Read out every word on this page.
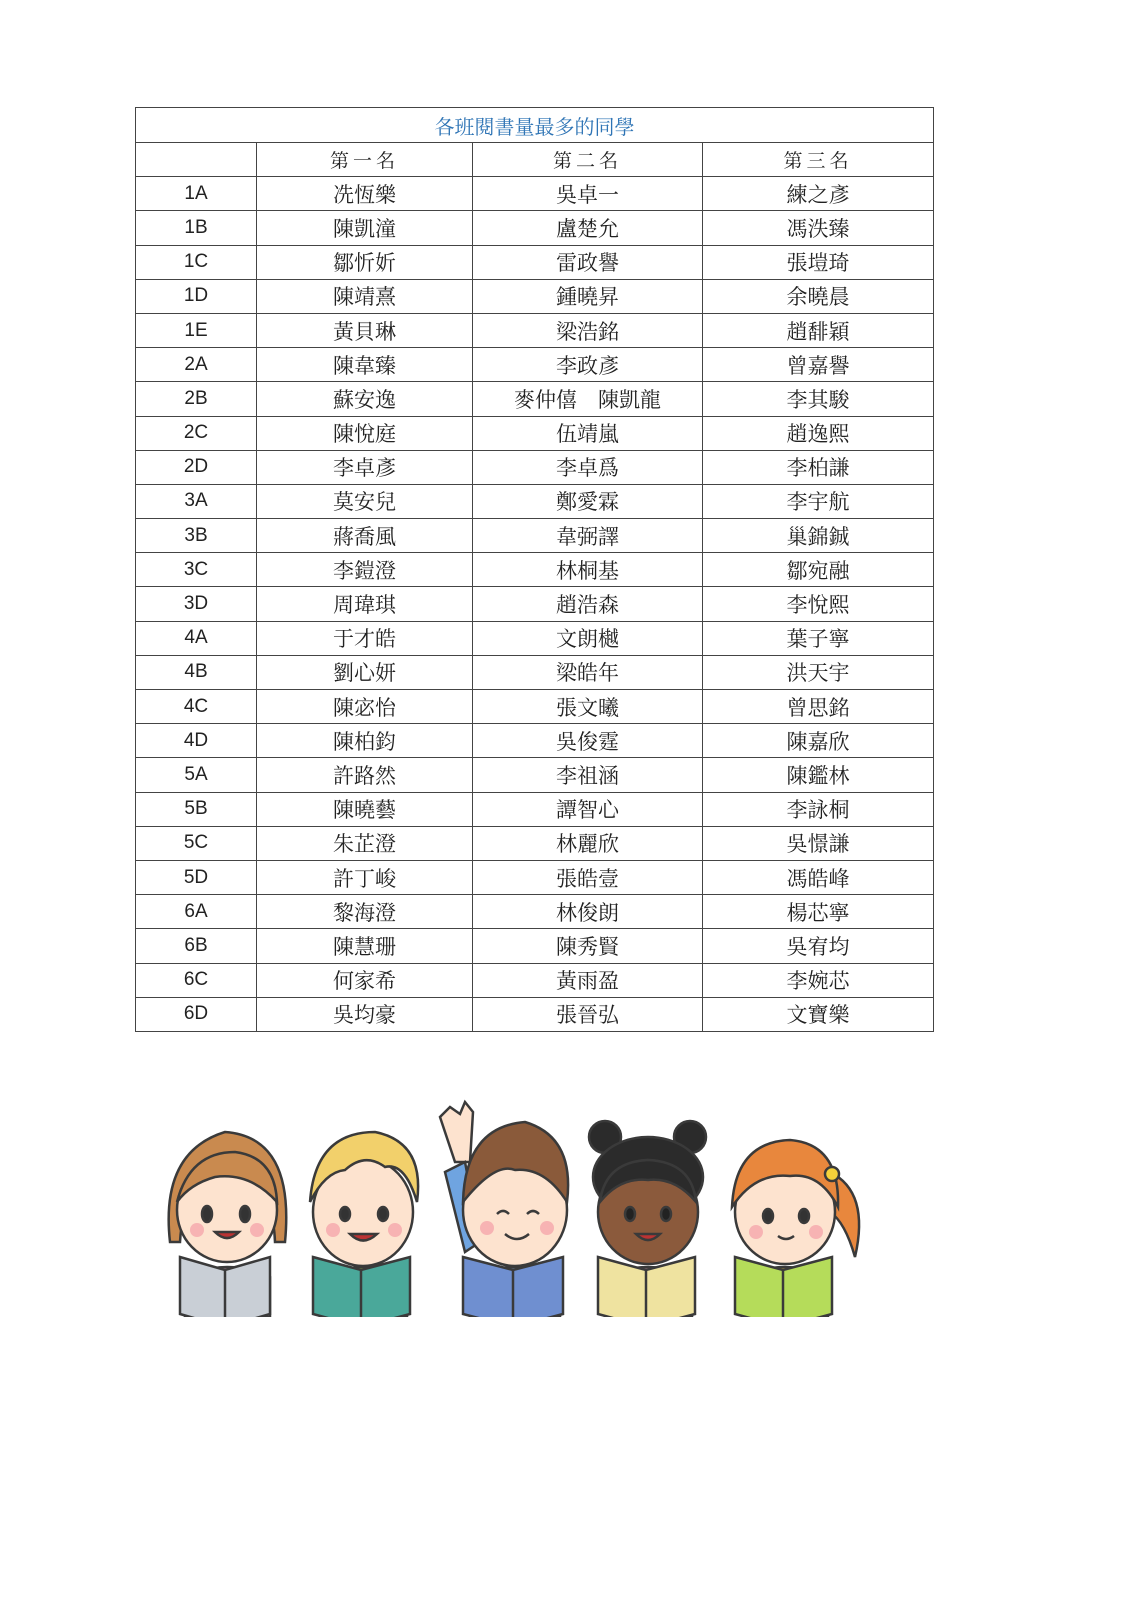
各班閱書量最多的同學			
	第一名	第二名	第三名
1A	冼恆樂	吳卓一	練之彥
1B	陳凱潼	盧楚允	馮泆臻
1C	鄒忻妡	雷政譽	張塏琦
1D	陳靖熹	鍾曉昇	余曉晨
1E	黃貝琳	梁浩銘	趙馡穎
2A	陳韋臻	李政彥	曾嘉譽
2B	蘇安逸	麥仲僖　陳凱龍	李其駿
2C	陳悅庭	伍靖嵐	趙逸熙
2D	李卓彥	李卓爲	李柏謙
3A	莫安兒	鄭愛霖	李宇航
3B	蔣喬風	韋弼譯	巢錦鋮
3C	李鎧澄	林桐基	鄒宛融
3D	周瑋琪	趙浩森	李悅熙
4A	于才皓	文朗樾	葉子寧
4B	劉心妍	梁皓年	洪天宇
4C	陳宓怡	張文曦	曾思銘
4D	陳柏鈞	吳俊霆	陳嘉欣
5A	許路然	李祖涵	陳鑑林
5B	陳曉藝	譚智心	李詠桐
5C	朱芷澄	林麗欣	吳憬謙
5D	許丁峻	張皓壹	馮皓峰
6A	黎海澄	林俊朗	楊芯寧
6B	陳慧珊	陳秀賢	吳宥均
6C	何家希	黃雨盈	李婉芯
6D	吳均豪	張晉弘	文寶樂
